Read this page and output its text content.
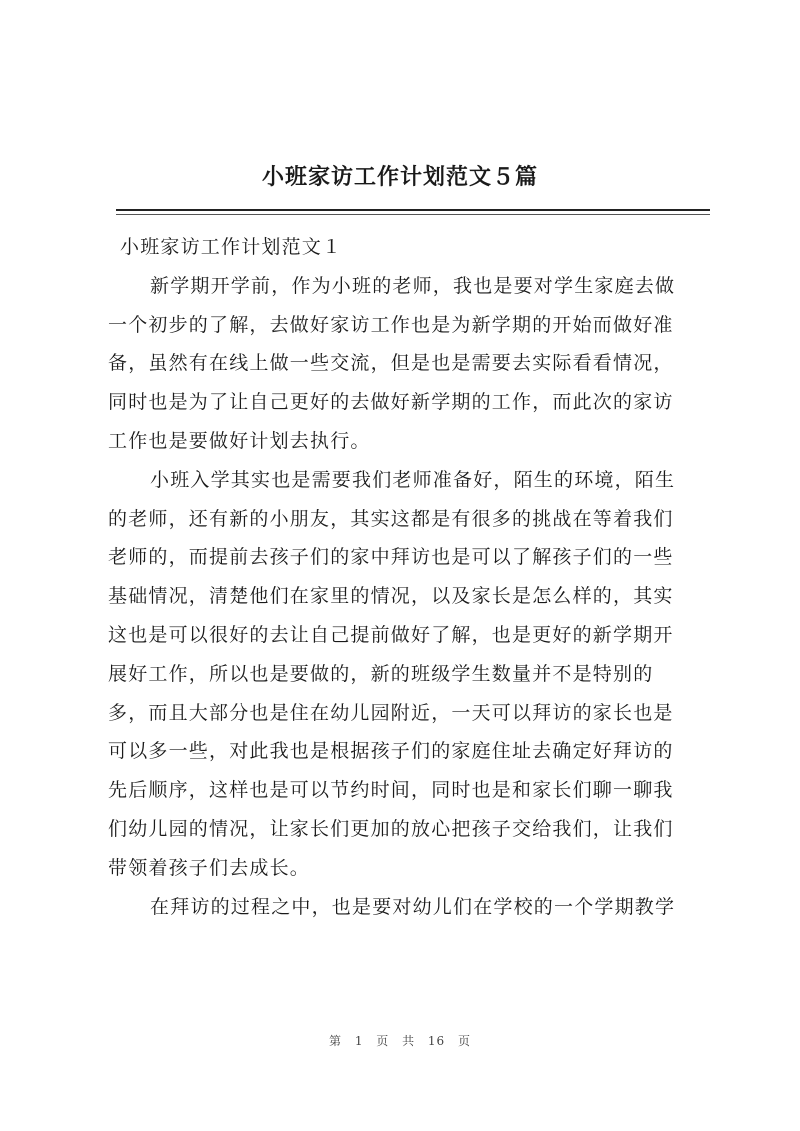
小班家访工作计划范文５篇

小班家访工作计划范文１

新学期开学前，作为小班的老师，我也是要对学生家庭去做

一个初步的了解，去做好家访工作也是为新学期的开始而做好准

备，虽然有在线上做一些交流，但是也是需要去实际看看情况，

同时也是为了让自己更好的去做好新学期的工作，而此次的家访

工作也是要做好计划去执行。

小班入学其实也是需要我们老师准备好，陌生的环境，陌生

的老师，还有新的小朋友，其实这都是有很多的挑战在等着我们

老师的，而提前去孩子们的家中拜访也是可以了解孩子们的一些

基础情况，清楚他们在家里的情况，以及家长是怎么样的，其实

这也是可以很好的去让自己提前做好了解，也是更好的新学期开

展好工作，所以也是要做的，新的班级学生数量并不是特别的

多，而且大部分也是住在幼儿园附近，一天可以拜访的家长也是

可以多一些，对此我也是根据孩子们的家庭住址去确定好拜访的

先后顺序，这样也是可以节约时间，同时也是和家长们聊一聊我

们幼儿园的情况，让家长们更加的放心把孩子交给我们，让我们

带领着孩子们去成长。

在拜访的过程之中，也是要对幼儿们在学校的一个学期教学

第 1 页 共 16 页
